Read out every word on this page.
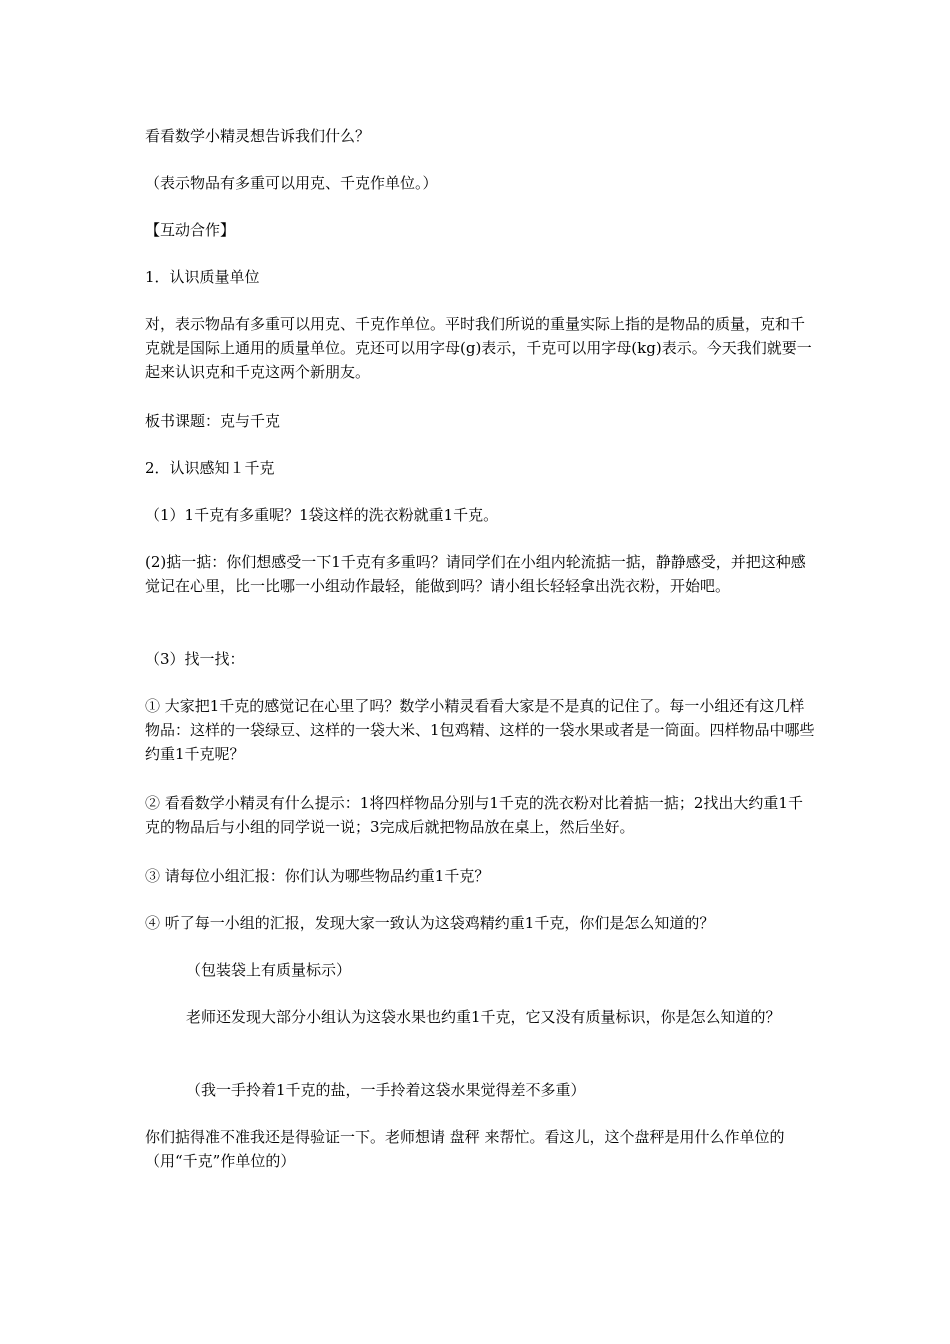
看看数学小精灵想告诉我们什么？

（表示物品有多重可以用克、千克作单位。）

【互动合作】

1．认识质量单位

对，表示物品有多重可以用克、千克作单位。平时我们所说的重量实际上指的是物品的质量，克和千克就是国际上通用的质量单位。克还可以用字母(g)表示，千克可以用字母(kg)表示。今天我们就要一起来认识克和千克这两个新朋友。

板书课题：克与千克

2．认识感知１千克

（1）1千克有多重呢？1袋这样的洗衣粉就重1千克。

(2)掂一掂：你们想感受一下1千克有多重吗？请同学们在小组内轮流掂一掂，静静感受，并把这种感觉记在心里，比一比哪一小组动作最轻，能做到吗？请小组长轻轻拿出洗衣粉，开始吧。

（3）找一找：

① 大家把1千克的感觉记在心里了吗？数学小精灵看看大家是不是真的记住了。每一小组还有这几样物品：这样的一袋绿豆、这样的一袋大米、1包鸡精、这样的一袋水果或者是一筒面。四样物品中哪些约重1千克呢？

② 看看数学小精灵有什么提示：1将四样物品分别与1千克的洗衣粉对比着掂一掂；2找出大约重1千克的物品后与小组的同学说一说；3完成后就把物品放在桌上，然后坐好。

③ 请每位小组汇报：你们认为哪些物品约重1千克？

④ 听了每一小组的汇报，发现大家一致认为这袋鸡精约重1千克，你们是怎么知道的？

（包装袋上有质量标示）

老师还发现大部分小组认为这袋水果也约重1千克，它又没有质量标识，你是怎么知道的？

（我一手拎着1千克的盐，一手拎着这袋水果觉得差不多重）

你们掂得准不准我还是得验证一下。老师想请 盘秤 来帮忙。看这儿，这个盘秤是用什么作单位的（用“千克”作单位的）
